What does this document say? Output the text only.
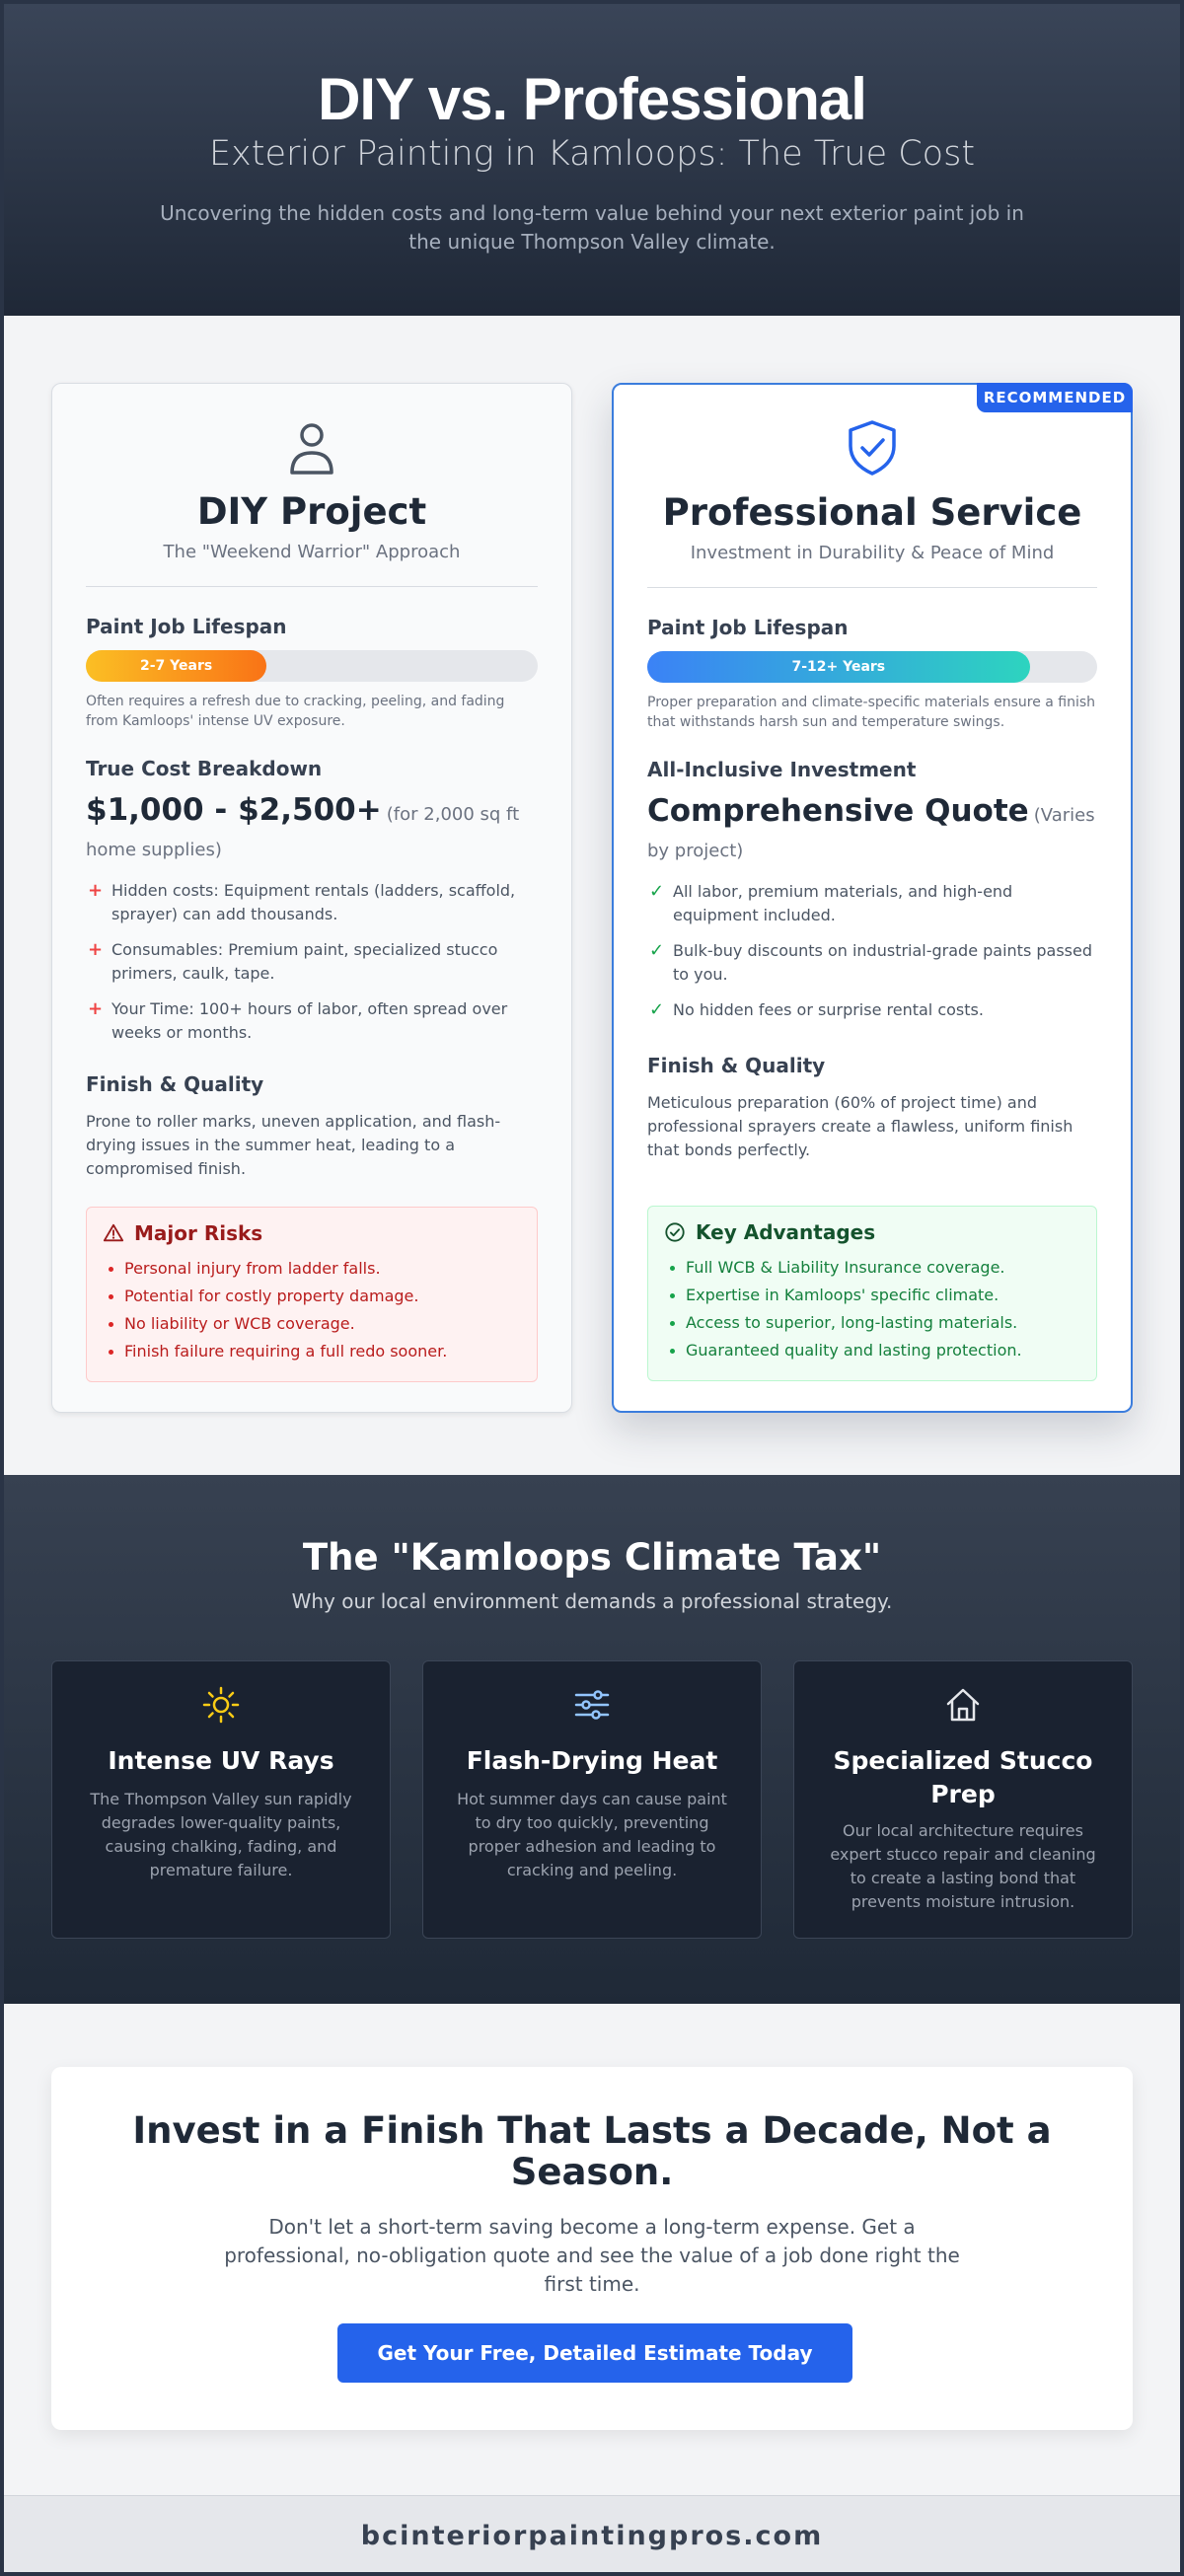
DIY vs. Professional
Exterior Painting in Kamloops: The True Cost

Uncovering the hidden costs and long-term value behind your next exterior paint job in the unique Thompson Valley climate.

DIY Project
The "Weekend Warrior" Approach
Paint Job Lifespan
2-7 Years
Often requires a refresh due to cracking, peeling, and fading from Kamloops' intense UV exposure.
True Cost Breakdown
$1,000 - $2,500+ (for 2,000 sq ft home supplies)
+ Hidden costs: Equipment rentals (ladders, scaffold, sprayer) can add thousands.
+ Consumables: Premium paint, specialized stucco primers, caulk, tape.
+ Your Time: 100+ hours of labor, often spread over weeks or months.
Finish & Quality

Prone to roller marks, uneven application, and flash-drying issues in the summer heat, leading to a compromised finish.

Major Risks
Personal injury from ladder falls.
Potential for costly property damage.
No liability or WCB coverage.
Finish failure requiring a full redo sooner.
RECOMMENDED
Professional Service
Investment in Durability & Peace of Mind
Paint Job Lifespan
7-12+ Years
Proper preparation and climate-specific materials ensure a finish that withstands harsh sun and temperature swings.
All-Inclusive Investment
Comprehensive Quote (Varies by project)
✓ All labor, premium materials, and high-end equipment included.
✓ Bulk-buy discounts on industrial-grade paints passed to you.
✓ No hidden fees or surprise rental costs.
Finish & Quality

Meticulous preparation (60% of project time) and professional sprayers create a flawless, uniform finish that bonds perfectly.

Key Advantages
Full WCB & Liability Insurance coverage.
Expertise in Kamloops' specific climate.
Access to superior, long-lasting materials.
Guaranteed quality and lasting protection.
The "Kamloops Climate Tax"

Why our local environment demands a professional strategy.

Intense UV Rays
The Thompson Valley sun rapidly degrades lower-quality paints, causing chalking, fading, and premature failure.
Flash-Drying Heat
Hot summer days can cause paint to dry too quickly, preventing proper adhesion and leading to cracking and peeling.
Specialized Stucco Prep
Our local architecture requires expert stucco repair and cleaning to create a lasting bond that prevents moisture intrusion.
Invest in a Finish That Lasts a Decade, Not a Season.

Don't let a short-term saving become a long-term expense. Get a professional, no-obligation quote and see the value of a job done right the first time.

Get Your Free, Detailed Estimate Today
bcinteriorpaintingpros.com
